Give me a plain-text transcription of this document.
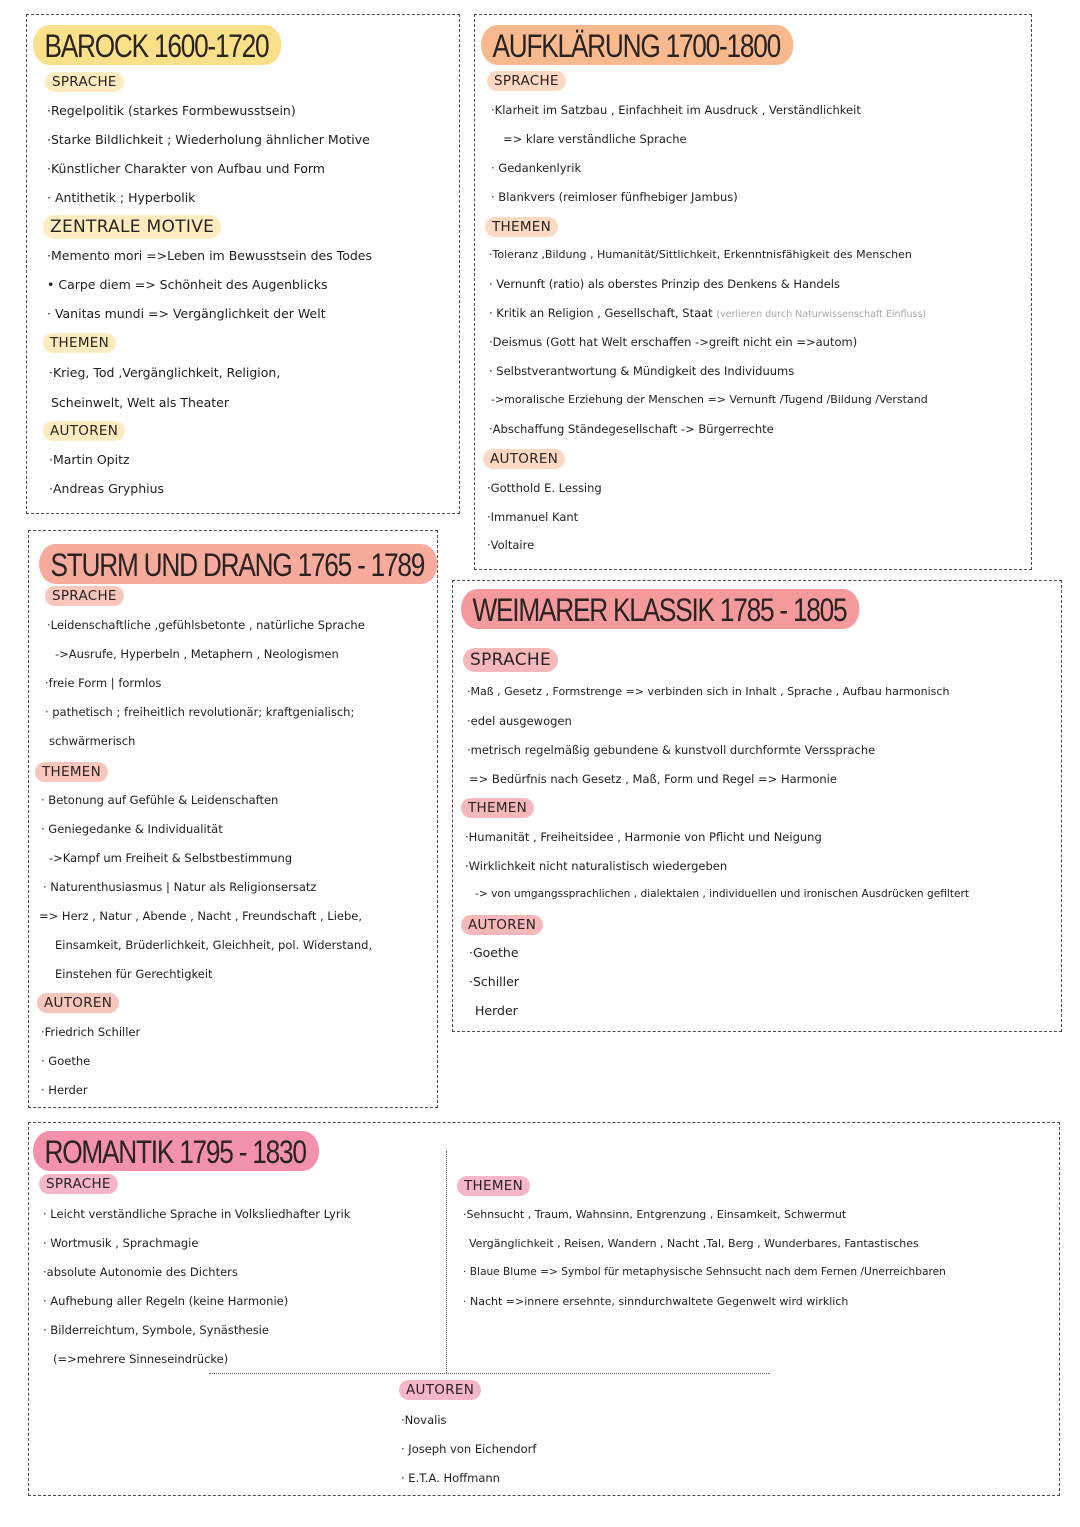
BAROCK 1600-1720
SPRACHE
·Regelpolitik (starkes Formbewusstsein)
·Starke Bildlichkeit ; Wiederholung ähnlicher Motive
·Künstlicher Charakter von Aufbau und Form
· Antithetik ; Hyperbolik
ZENTRALE MOTIVE
·Memento mori =>Leben im Bewusstsein des Todes
• Carpe diem => Schönheit des Augenblicks
· Vanitas mundi => Vergänglichkeit der Welt
THEMEN
·Krieg, Tod ,Vergänglichkeit, Religion,
Scheinwelt, Welt als Theater
AUTOREN
·Martin Opitz
·Andreas Gryphius
AUFKLÄRUNG 1700-1800
SPRACHE
·Klarheit im Satzbau , Einfachheit im Ausdruck , Verständlichkeit
=> klare verständliche Sprache
· Gedankenlyrik
· Blankvers (reimloser fünfhebiger Jambus)
THEMEN
·Toleranz ,Bildung , Humanität/Sittlichkeit, Erkenntnisfähigkeit des Menschen
· Vernunft (ratio) als oberstes Prinzip des Denkens & Handels
· Kritik an Religion , Gesellschaft, Staat (verlieren durch Naturwissenschaft Einfluss)
·Deismus (Gott hat Welt erschaffen ->greift nicht ein =>autom)
· Selbstverantwortung & Mündigkeit des Individuums
->moralische Erziehung der Menschen => Vernunft /Tugend /Bildung /Verstand
·Abschaffung Ständegesellschaft -> Bürgerrechte
AUTOREN
·Gotthold E. Lessing
·Immanuel Kant
·Voltaire
STURM UND DRANG 1765 - 1789
SPRACHE
·Leidenschaftliche ,gefühlsbetonte , natürliche Sprache
->Ausrufe, Hyperbeln , Metaphern , Neologismen
·freie Form | formlos
· pathetisch ; freiheitlich revolutionär; kraftgenialisch;
schwärmerisch
THEMEN
· Betonung auf Gefühle & Leidenschaften
· Geniegedanke & Individualität
->Kampf um Freiheit & Selbstbestimmung
· Naturenthusiasmus | Natur als Religionsersatz
=> Herz , Natur , Abende , Nacht , Freundschaft , Liebe,
Einsamkeit, Brüderlichkeit, Gleichheit, pol. Widerstand,
Einstehen für Gerechtigkeit
AUTOREN
·Friedrich Schiller
· Goethe
· Herder
WEIMARER KLASSIK 1785 - 1805
SPRACHE
·Maß , Gesetz , Formstrenge => verbinden sich in Inhalt , Sprache , Aufbau harmonisch
·edel ausgewogen
·metrisch regelmäßig gebundene & kunstvoll durchformte Verssprache
=> Bedürfnis nach Gesetz , Maß, Form und Regel => Harmonie
THEMEN
·Humanität , Freiheitsidee , Harmonie von Pflicht und Neigung
·Wirklichkeit nicht naturalistisch wiedergeben
-> von umgangssprachlichen , dialektalen , individuellen und ironischen Ausdrücken gefiltert
AUTOREN
·Goethe
·Schiller
Herder
ROMANTIK 1795 - 1830
SPRACHE
· Leicht verständliche Sprache in Volksliedhafter Lyrik
· Wortmusik , Sprachmagie
·absolute Autonomie des Dichters
· Aufhebung aller Regeln (keine Harmonie)
· Bilderreichtum, Symbole, Synästhesie
(=>mehrere Sinneseindrücke)
THEMEN
·Sehnsucht , Traum, Wahnsinn, Entgrenzung , Einsamkeit, Schwermut
Vergänglichkeit , Reisen, Wandern , Nacht ,Tal, Berg , Wunderbares, Fantastisches
· Blaue Blume => Symbol für metaphysische Sehnsucht nach dem Fernen /Unerreichbaren
· Nacht =>innere ersehnte, sinndurchwaltete Gegenwelt wird wirklich
AUTOREN
·Novalis
· Joseph von Eichendorf
· E.T.A. Hoffmann
